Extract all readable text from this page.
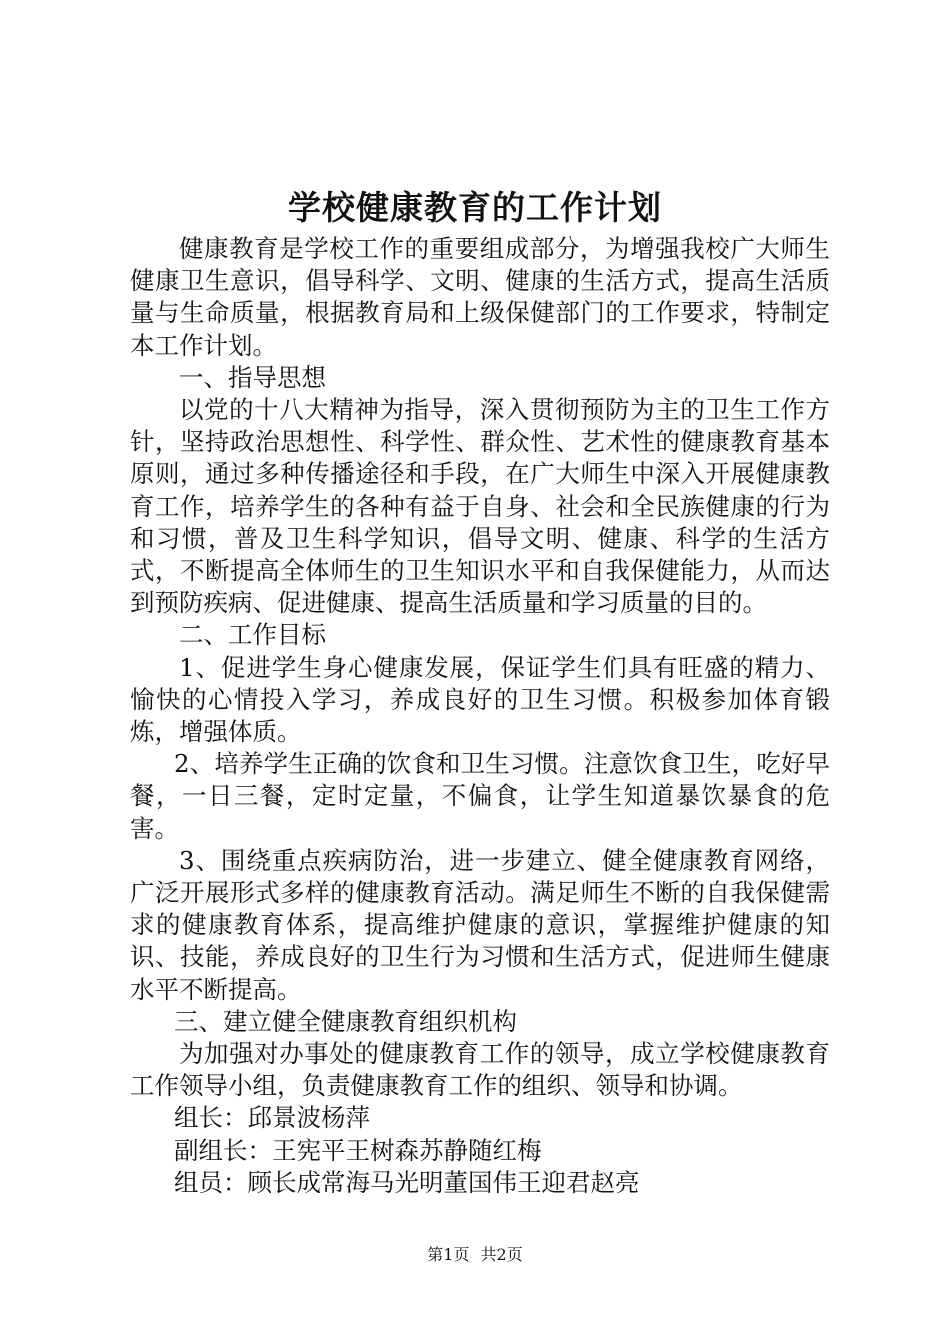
学校健康教育的工作计划

健康教育是学校工作的重要组成部分，为增强我校广大师生健康卫生意识，倡导科学、文明、健康的生活方式，提高生活质量与生命质量，根据教育局和上级保健部门的工作要求，特制定本工作计划。

一、指导思想

以党的十八大精神为指导，深入贯彻预防为主的卫生工作方针，坚持政治思想性、科学性、群众性、艺术性的健康教育基本原则，通过多种传播途径和手段，在广大师生中深入开展健康教育工作，培养学生的各种有益于自身、社会和全民族健康的行为和习惯，普及卫生科学知识，倡导文明、健康、科学的生活方式，不断提高全体师生的卫生知识水平和自我保健能力，从而达到预防疾病、促进健康、提高生活质量和学习质量的目的。

二、工作目标

1、促进学生身心健康发展，保证学生们具有旺盛的精力、愉快的心情投入学习，养成良好的卫生习惯。积极参加体育锻炼，增强体质。

2、培养学生正确的饮食和卫生习惯。注意饮食卫生，吃好早餐，一日三餐，定时定量，不偏食，让学生知道暴饮暴食的危害。

3、围绕重点疾病防治，进一步建立、健全健康教育网络，广泛开展形式多样的健康教育活动。满足师生不断的自我保健需求的健康教育体系，提高维护健康的意识，掌握维护健康的知识、技能，养成良好的卫生行为习惯和生活方式，促进师生健康水平不断提高。

三、建立健全健康教育组织机构

为加强对办事处的健康教育工作的领导，成立学校健康教育工作领导小组，负责健康教育工作的组织、领导和协调。

组长：邱景波杨萍

副组长：王宪平王树森苏静随红梅

组员：顾长成常海马光明董国伟王迎君赵亮

第1页 共2页
